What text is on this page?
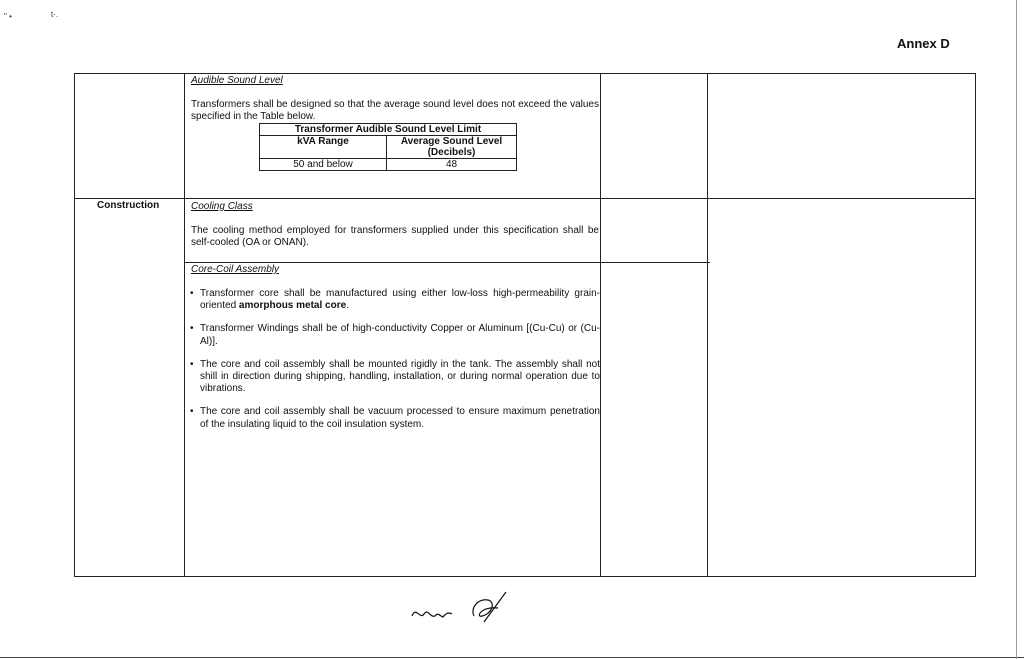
" •	t·.
Annex D
Audible Sound Level
Transformers shall be designed so that the average sound level does not exceed the values specified in the Table below.
Transformer Audible Sound Level Limit	
kVA Range	Average Sound Level (Decibels)
50 and below	48
Construction	Cooling Class
The cooling method employed for transformers supplied under this specification shall be self-cooled (OA or ONAN).
Core-Coil Assembly
• Transformer core shall be manufactured using either low-loss high-permeability grain-oriented amorphous metal core.
• Transformer Windings shall be of high-conductivity Copper or Aluminum [(Cu-Cu) or (Cu-Al)].
• The core and coil assembly shall be mounted rigidly in the tank. The assembly shall not shill in direction during shipping, handling, installation, or during normal operation due to vibrations.
• The core and coil assembly shall be vacuum processed to ensure maximum penetration of the insulating liquid to the coil insulation system.
